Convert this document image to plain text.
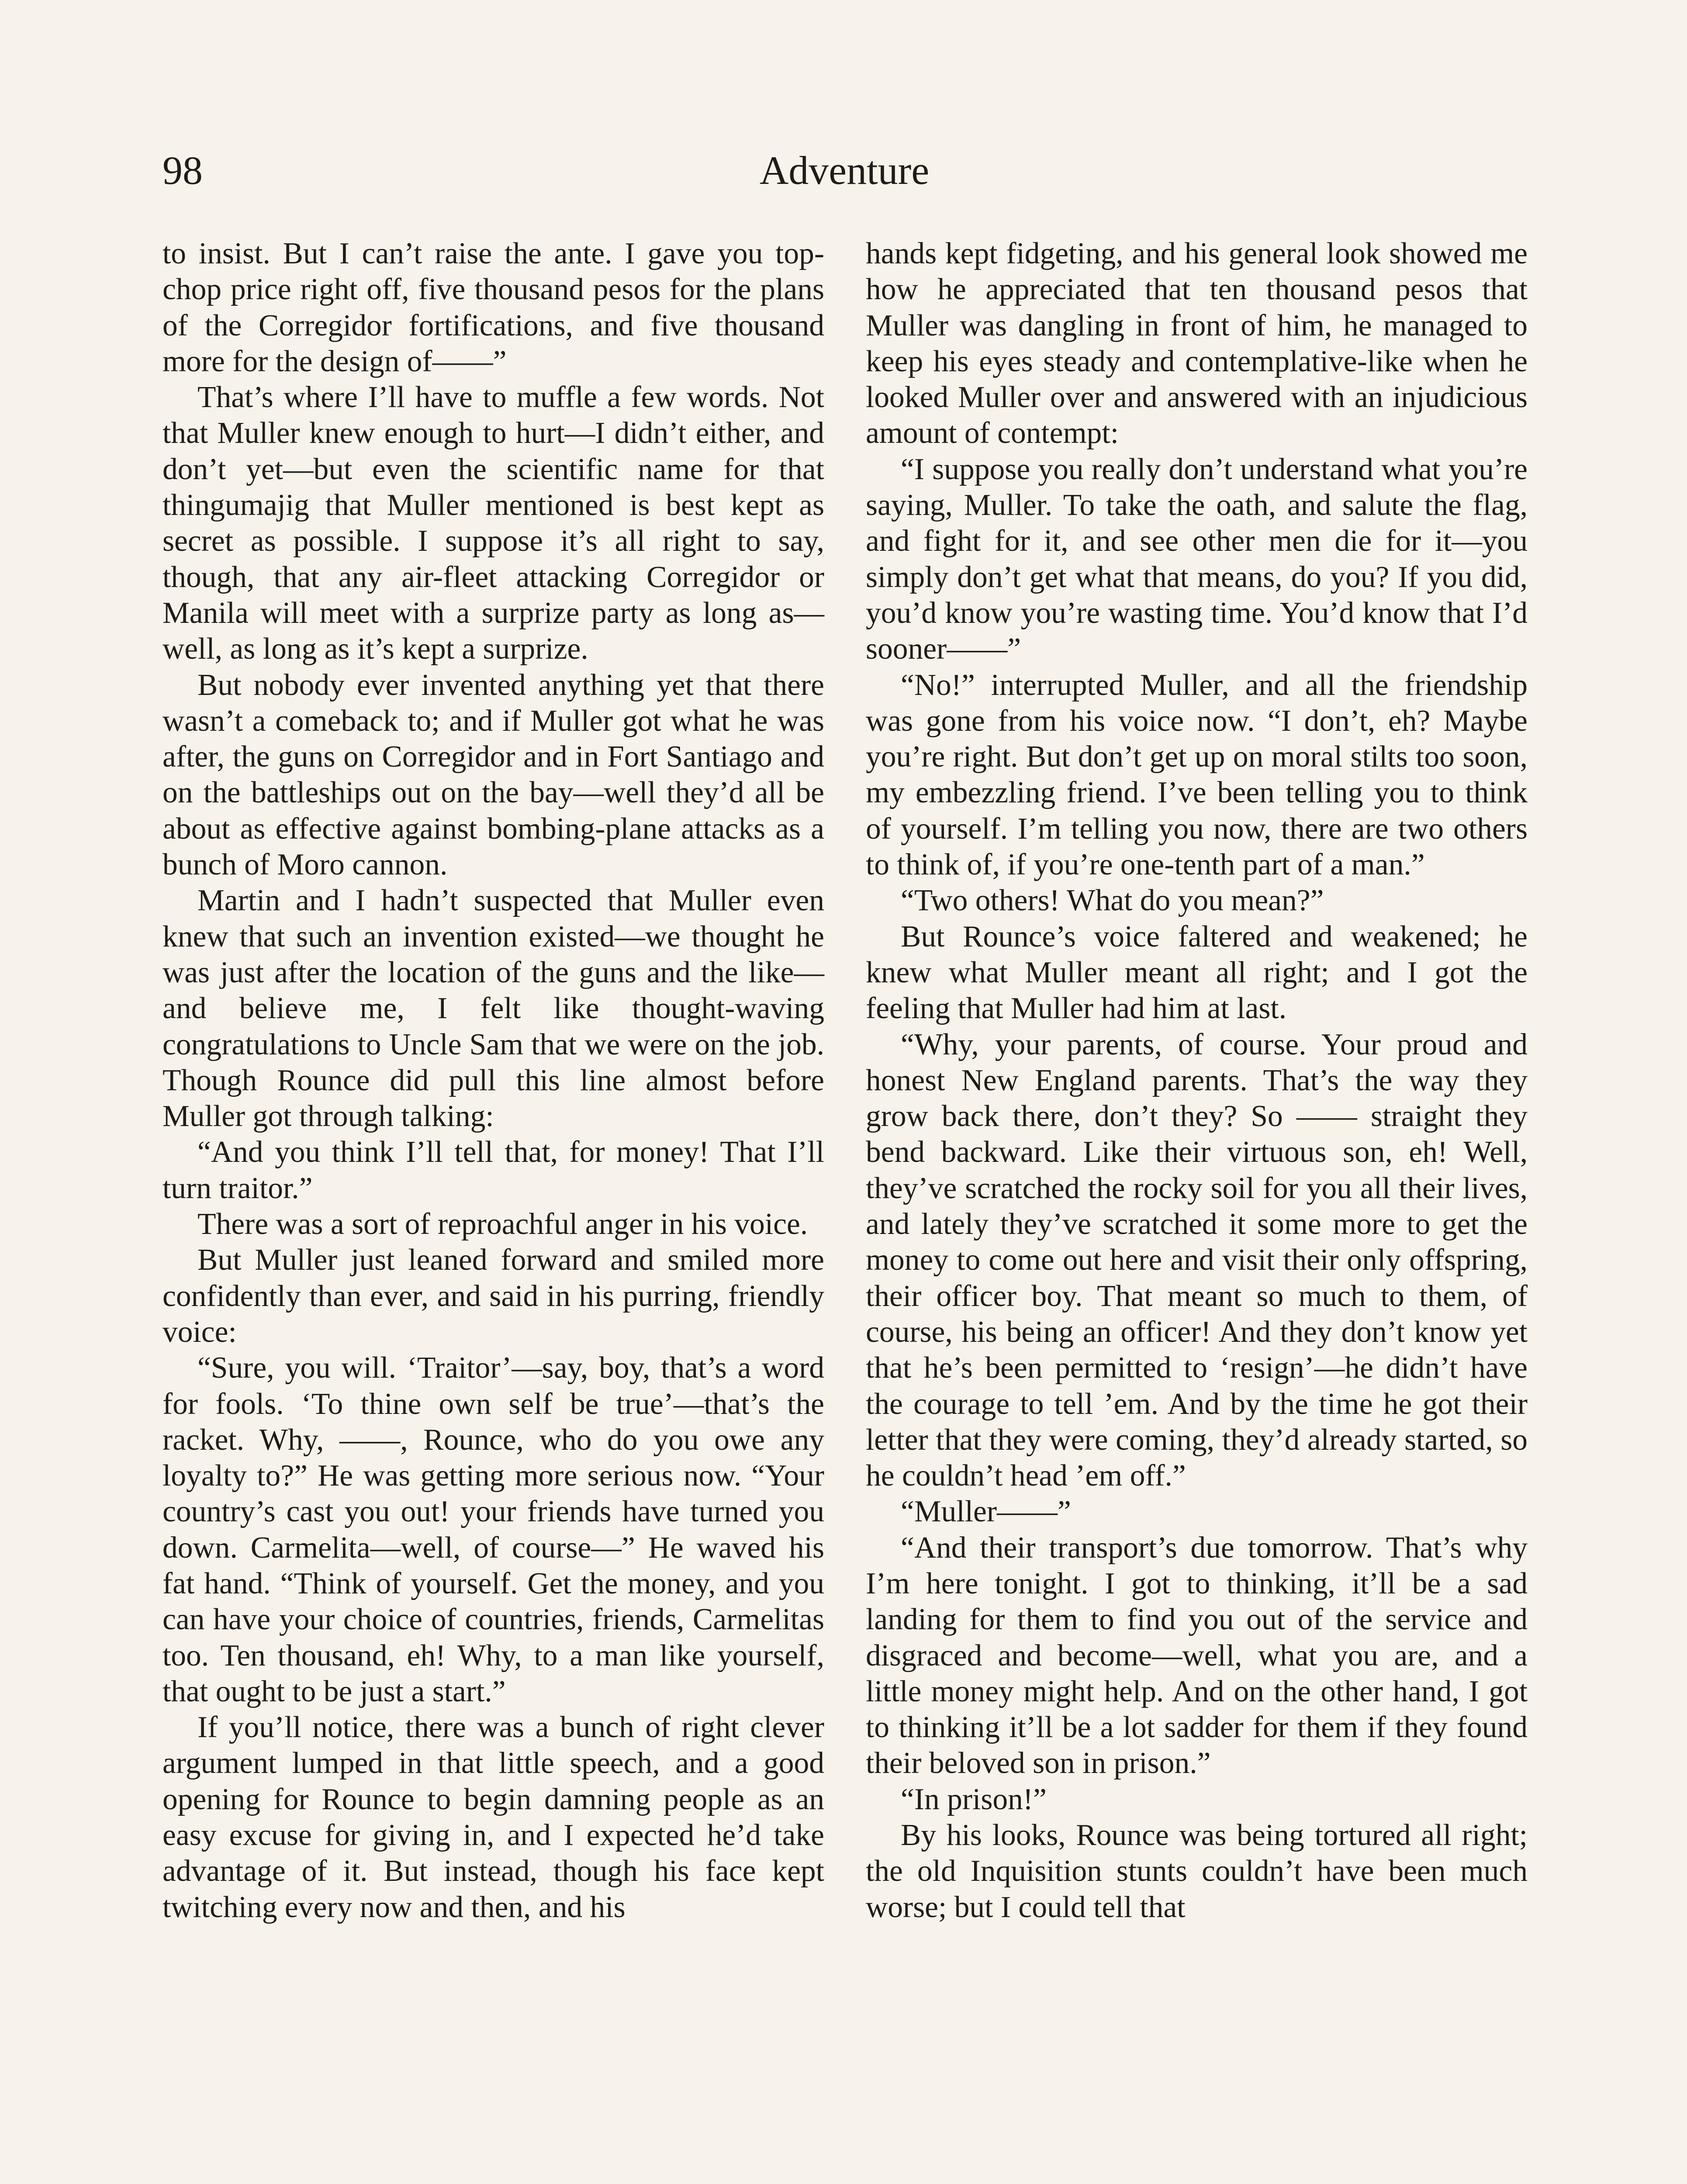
98	Adventure

to insist. But I can’t raise the ante. I gave you top-chop price right off, five thousand pesos for the plans of the Corregidor fortifications, and five thousand more for the design of——”

That’s where I’ll have to muffle a few words. Not that Muller knew enough to hurt—I didn’t either, and don’t yet—but even the scientific name for that thingumajig that Muller mentioned is best kept as secret as possible. I suppose it’s all right to say, though, that any air-fleet attacking Corregidor or Manila will meet with a surprize party as long as—well, as long as it’s kept a surprize.

But nobody ever invented anything yet that there wasn’t a comeback to; and if Muller got what he was after, the guns on Corregidor and in Fort Santiago and on the battleships out on the bay—well they’d all be about as effective against bombing-plane attacks as a bunch of Moro cannon.

Martin and I hadn’t suspected that Muller even knew that such an invention existed—we thought he was just after the location of the guns and the like—and believe me, I felt like thought-waving congratulations to Uncle Sam that we were on the job. Though Rounce did pull this line almost before Muller got through talking:

“And you think I’ll tell that, for money! That I’ll turn traitor.”

There was a sort of reproachful anger in his voice.

But Muller just leaned forward and smiled more confidently than ever, and said in his purring, friendly voice:

“Sure, you will. ‘Traitor’—say, boy, that’s a word for fools. ‘To thine own self be true’—that’s the racket. Why, ——, Rounce, who do you owe any loyalty to?” He was getting more serious now. “Your country’s cast you out! your friends have turned you down. Carmelita—well, of course—” He waved his fat hand. “Think of yourself. Get the money, and you can have your choice of countries, friends, Carmelitas too. Ten thousand, eh! Why, to a man like yourself, that ought to be just a start.”

If you’ll notice, there was a bunch of right clever argument lumped in that little speech, and a good opening for Rounce to begin damning people as an easy excuse for giving in, and I expected he’d take advantage of it. But instead, though his face kept twitching every now and then, and his

hands kept fidgeting, and his general look showed me how he appreciated that ten thousand pesos that Muller was dangling in front of him, he managed to keep his eyes steady and contemplative-like when he looked Muller over and answered with an injudicious amount of contempt:

“I suppose you really don’t understand what you’re saying, Muller. To take the oath, and salute the flag, and fight for it, and see other men die for it—you simply don’t get what that means, do you? If you did, you’d know you’re wasting time. You’d know that I’d sooner——”

“No!” interrupted Muller, and all the friendship was gone from his voice now. “I don’t, eh? Maybe you’re right. But don’t get up on moral stilts too soon, my embezzling friend. I’ve been telling you to think of yourself. I’m telling you now, there are two others to think of, if you’re one-tenth part of a man.”

“Two others! What do you mean?”

But Rounce’s voice faltered and weakened; he knew what Muller meant all right; and I got the feeling that Muller had him at last.

“Why, your parents, of course. Your proud and honest New England parents. That’s the way they grow back there, don’t they? So —— straight they bend backward. Like their virtuous son, eh! Well, they’ve scratched the rocky soil for you all their lives, and lately they’ve scratched it some more to get the money to come out here and visit their only offspring, their officer boy. That meant so much to them, of course, his being an officer! And they don’t know yet that he’s been permitted to ‘resign’—he didn’t have the courage to tell ’em. And by the time he got their letter that they were coming, they’d already started, so he couldn’t head ’em off.”

“Muller——”

“And their transport’s due tomorrow. That’s why I’m here tonight. I got to thinking, it’ll be a sad landing for them to find you out of the service and disgraced and become—well, what you are, and a little money might help. And on the other hand, I got to thinking it’ll be a lot sadder for them if they found their beloved son in prison.”

“In prison!”

By his looks, Rounce was being tortured all right; the old Inquisition stunts couldn’t have been much worse; but I could tell that
